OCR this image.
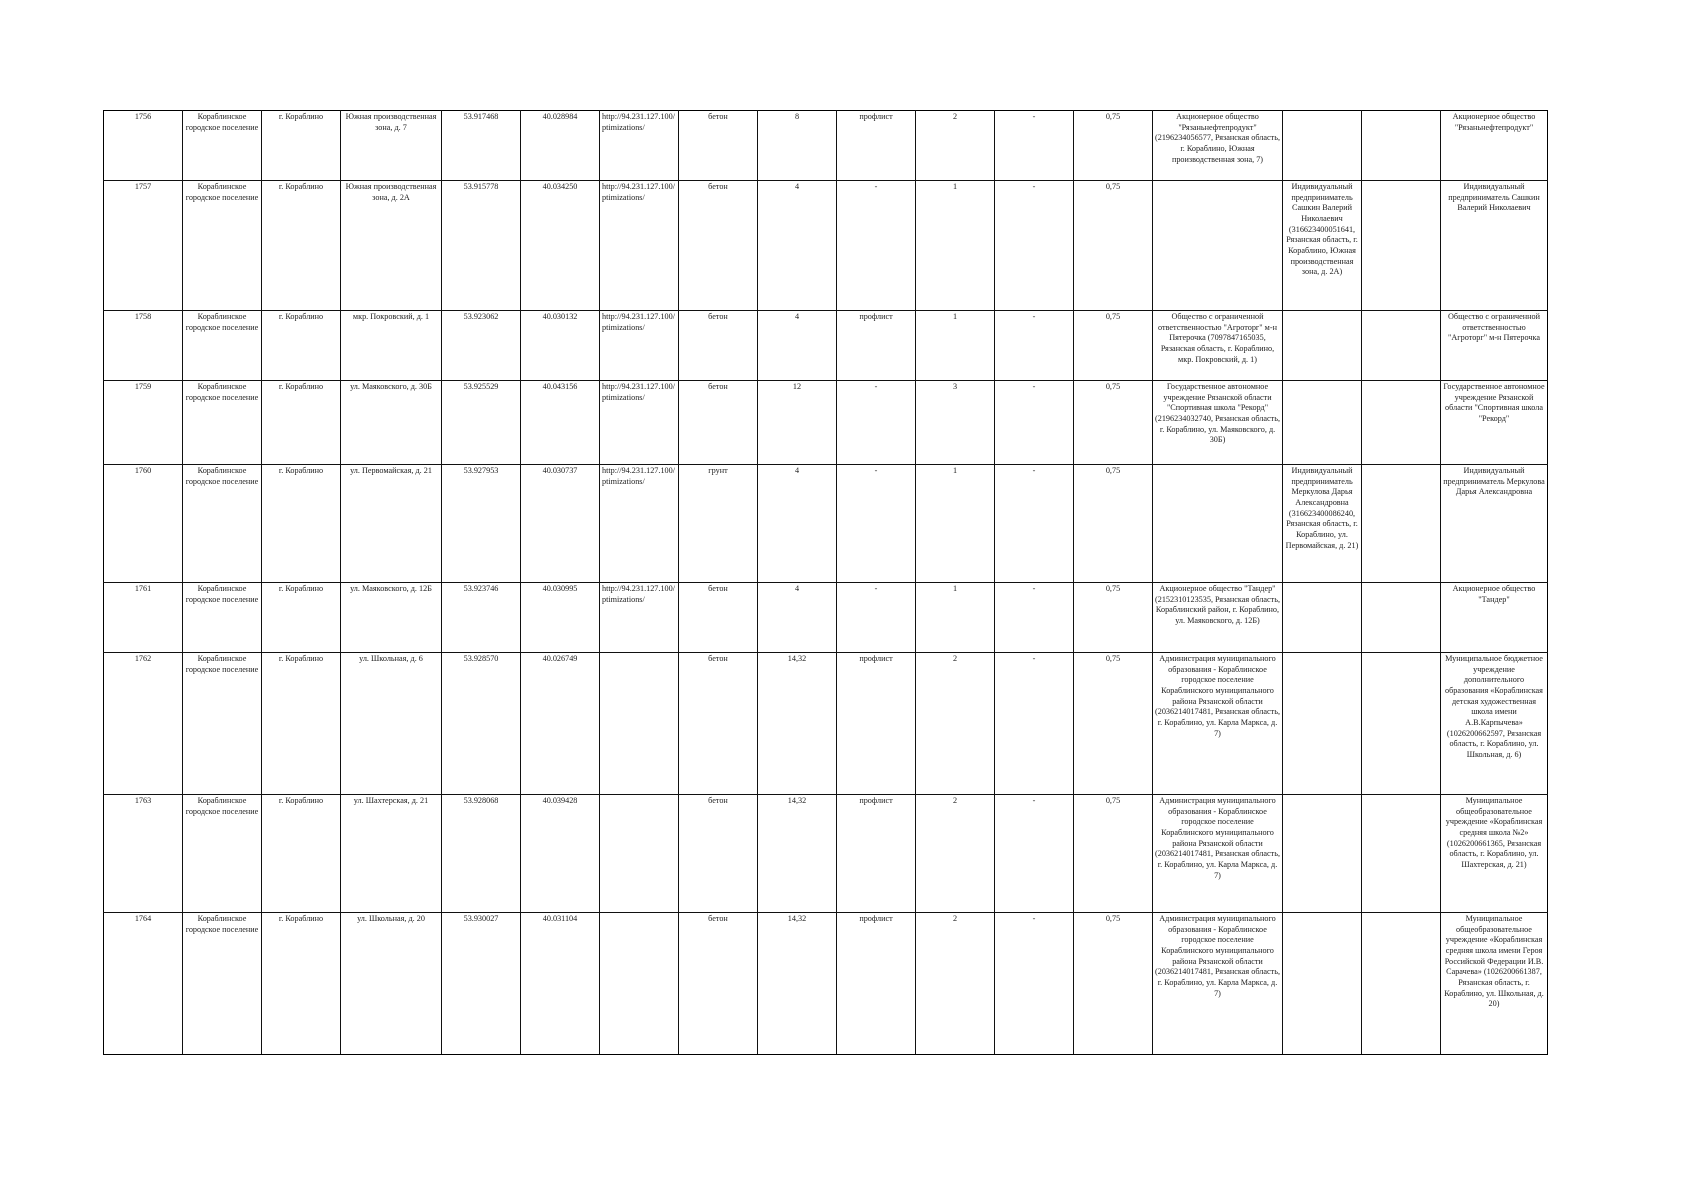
1756	Кораблинское городское поселение	г. Кораблино	Южная производственная зона, д. 7	53.917468	40.028984	http://94.231.127.100/ptimizations/	бетон	8	профлист	2	-	0,75	Акционерное общество "Рязаньнефтепродукт" (2196234056577, Рязанская область, г. Кораблино, Южная производственная зона, 7)			Акционерное общество "Рязаньнефтепродукт"
1757	Кораблинское городское поселение	г. Кораблино	Южная производственная зона, д. 2А	53.915778	40.034250	http://94.231.127.100/ptimizations/	бетон	4	-	1	-	0,75		Индивидуальный предприниматель Сашкин Валерий Николаевич (316623400051641, Рязанская область, г. Кораблино, Южная производственная зона, д. 2А)		Индивидуальный предприниматель Сашкин Валерий Николаевич
1758	Кораблинское городское поселение	г. Кораблино	мкр. Покровский, д. 1	53.923062	40.030132	http://94.231.127.100/ptimizations/	бетон	4	профлист	1	-	0,75	Общество с ограниченной ответственностью "Агроторг" м-н Пятерочка (7097847165035, Рязанская область, г. Кораблино, мкр. Покровский, д. 1)			Общество с ограниченной ответственностью "Агроторг" м-н Пятерочка
1759	Кораблинское городское поселение	г. Кораблино	ул. Маяковского, д. 30Б	53.925529	40.043156	http://94.231.127.100/ptimizations/	бетон	12	-	3	-	0,75	Государственное автономное учреждение Рязанской области "Спортивная школа "Рекорд" (2196234032740, Рязанская область, г. Кораблино, ул. Маяковского, д. 30Б)			Государственное автономное учреждение Рязанской области "Спортивная школа "Рекорд"
1760	Кораблинское городское поселение	г. Кораблино	ул. Первомайская, д. 21	53.927953	40.030737	http://94.231.127.100/ptimizations/	грунт	4	-	1	-	0,75		Индивидуальный предприниматель Меркулова Дарья Александровна (316623400086240, Рязанская область, г. Кораблино, ул. Первомайская, д. 21)		Индивидуальный предприниматель Меркулова Дарья Александровна
1761	Кораблинское городское поселение	г. Кораблино	ул. Маяковского, д. 12Б	53.923746	40.030995	http://94.231.127.100/ptimizations/	бетон	4	-	1	-	0,75	Акционерное общество "Тандер" (2152310123535, Рязанская область, Кораблинский район, г. Кораблино, ул. Маяковского, д. 12Б)			Акционерное общество "Тандер"
1762	Кораблинское городское поселение	г. Кораблино	ул. Школьная, д. 6	53.928570	40.026749		бетон	14,32	профлист	2	-	0,75	Администрация муниципального образования - Кораблинское городское поселение Кораблинского муниципального района Рязанской области (2036214017481, Рязанская область, г. Кораблино, ул. Карла Маркса, д. 7)			Муниципальное бюджетное учреждение дополнительного образования «Кораблинская детская художественная школа имени А.В.Карпычева» (1026200662597, Рязанская область, г. Кораблино, ул. Школьная, д. 6)
1763	Кораблинское городское поселение	г. Кораблино	ул. Шахтерская, д. 21	53.928068	40.039428		бетон	14,32	профлист	2	-	0,75	Администрация муниципального образования - Кораблинское городское поселение Кораблинского муниципального района Рязанской области (2036214017481, Рязанская область, г. Кораблино, ул. Карла Маркса, д. 7)			Муниципальное общеобразовательное учреждение «Кораблинская средняя школа №2» (1026200661365, Рязанская область, г. Кораблино, ул. Шахтерская, д. 21)
1764	Кораблинское городское поселение	г. Кораблино	ул. Школьная, д. 20	53.930027	40.031104		бетон	14,32	профлист	2	-	0,75	Администрация муниципального образования - Кораблинское городское поселение Кораблинского муниципального района Рязанской области (2036214017481, Рязанская область, г. Кораблино, ул. Карла Маркса, д. 7)			Муниципальное общеобразовательное учреждение «Кораблинская средняя школа имени Героя Российской Федерации И.В. Сарачева» (1026200661387, Рязанская область, г. Кораблино, ул. Школьная, д. 20)
